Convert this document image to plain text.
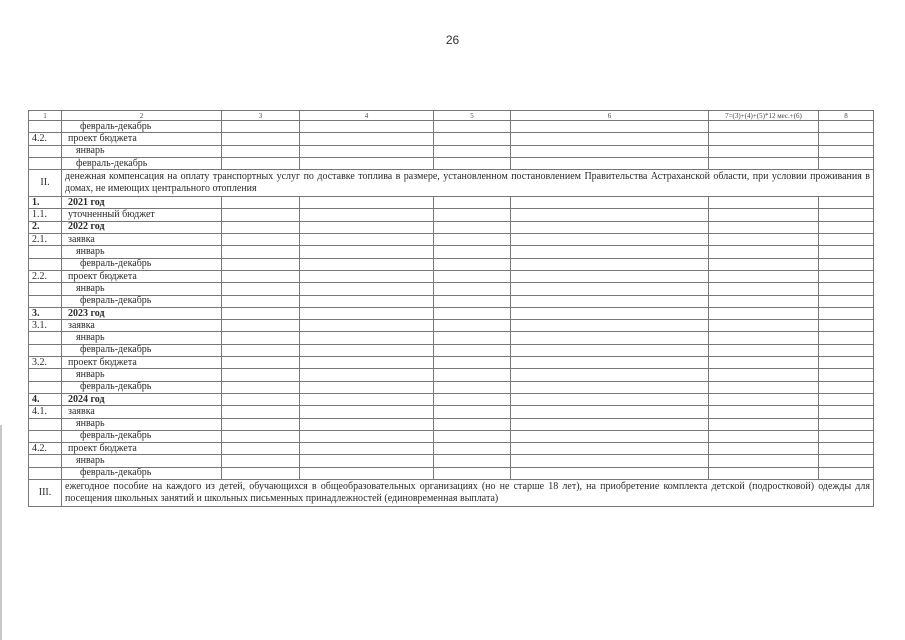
26
1	2	3	4	5	6	7=(3)+(4)+(5)*12 мес.+(6)	8
	февраль-декабрь						
4.2.	проект бюджета						
	январь						
	февраль-декабрь						
II.	денежная компенсация на оплату транспортных услуг по доставке топлива в размере, установленном постановлением Правительства Астраханской области, при условии проживания в домах, не имеющих центрального отопления						
1.	2021 год						
1.1.	уточненный бюджет						
2.	2022 год						
2.1.	заявка						
	январь						
	февраль-декабрь						
2.2.	проект бюджета						
	январь						
	февраль-декабрь						
3.	2023 год						
3.1.	заявка						
	январь						
	февраль-декабрь						
3.2.	проект бюджета						
	январь						
	февраль-декабрь						
4.	2024 год						
4.1.	заявка						
	январь						
	февраль-декабрь						
4.2.	проект бюджета						
	январь						
	февраль-декабрь						
III.	ежегодное пособие на каждого из детей, обучающихся в общеобразовательных организациях (но не старше 18 лет), на приобретение комплекта детской (подростковой) одежды для посещения школьных занятий и школьных письменных принадлежностей (единовременная выплата)						
